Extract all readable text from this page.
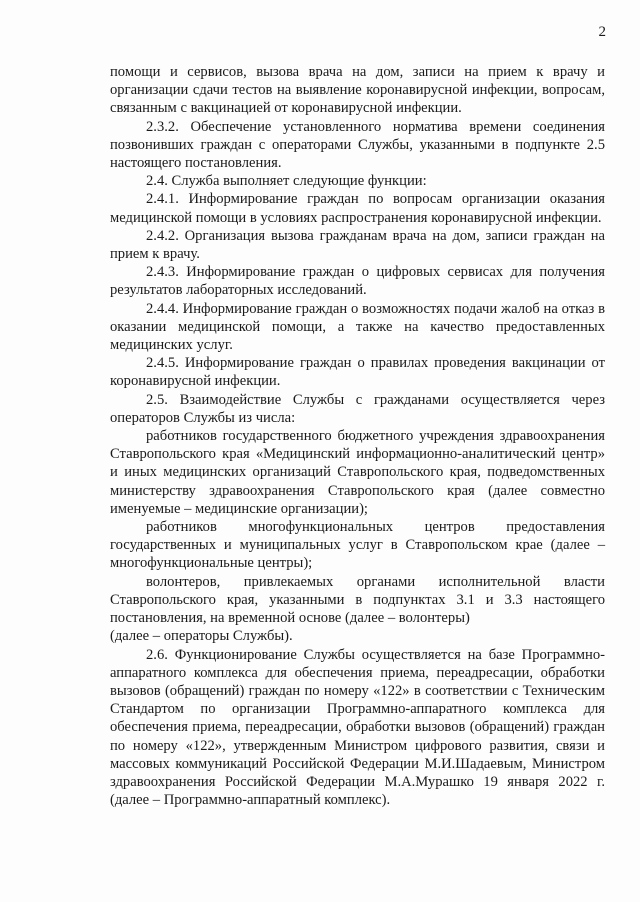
2

помощи и сервисов, вызова врача на дом, записи на прием к врачу и организации сдачи тестов на выявление коронавирусной инфекции, вопросам, связанным с вакцинацией от коронавирусной инфекции.

2.3.2. Обеспечение установленного норматива времени соединения позвонивших граждан с операторами Службы, указанными в подпункте 2.5 настоящего постановления.

2.4. Служба выполняет следующие функции:

2.4.1. Информирование граждан по вопросам организации оказания медицинской помощи в условиях распространения коронавирусной инфекции.

2.4.2. Организация вызова гражданам врача на дом, записи граждан на прием к врачу.

2.4.3. Информирование граждан о цифровых сервисах для получения результатов лабораторных исследований.

2.4.4. Информирование граждан о возможностях подачи жалоб на отказ в оказании медицинской помощи, а также на качество предоставленных медицинских услуг.

2.4.5. Информирование граждан о правилах проведения вакцинации от коронавирусной инфекции.

2.5. Взаимодействие Службы с гражданами осуществляется через операторов Службы из числа:

работников государственного бюджетного учреждения здравоохранения Ставропольского края «Медицинский информационно-аналитический центр» и иных медицинских организаций Ставропольского края, подведомственных министерству здравоохранения Ставропольского края (далее совместно именуемые – медицинские организации);

работников многофункциональных центров предоставления государственных и муниципальных услуг в Ставропольском крае (далее – многофункциональные центры);

волонтеров, привлекаемых органами исполнительной власти Ставропольского края, указанными в подпунктах 3.1 и 3.3 настоящего постановления, на временной основе (далее – волонтеры)

(далее – операторы Службы).

2.6. Функционирование Службы осуществляется на базе Программно-аппаратного комплекса для обеспечения приема, переадресации, обработки вызовов (обращений) граждан по номеру «122» в соответствии с Техническим Стандартом по организации Программно-аппаратного комплекса для обеспечения приема, переадресации, обработки вызовов (обращений) граждан по номеру «122», утвержденным Министром цифрового развития, связи и массовых коммуникаций Российской Федерации М.И.Шадаевым, Министром здравоохранения Российской Федерации М.А.Мурашко 19 января 2022 г. (далее – Программно-аппаратный комплекс).
